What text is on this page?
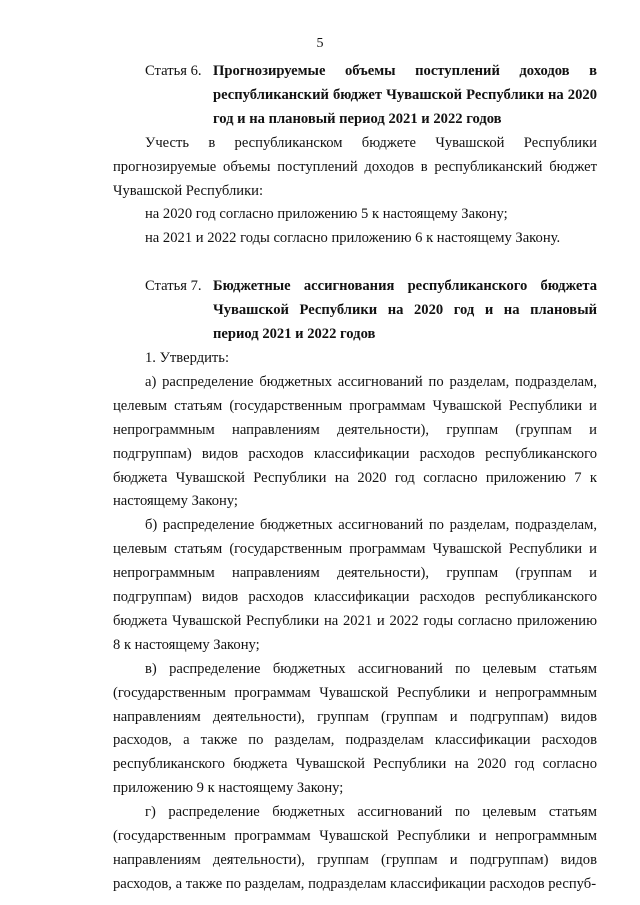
5
Статья 6. Прогнозируемые объемы поступлений доходов в республиканский бюджет Чувашской Республики на 2020 год и на плановый период 2021 и 2022 годов

Учесть в республиканском бюджете Чувашской Республики прогнозируемые объемы поступлений доходов в республиканский бюджет Чувашской Республики:

на 2020 год согласно приложению 5 к настоящему Закону;

на 2021 и 2022 годы согласно приложению 6 к настоящему Закону.

Статья 7. Бюджетные ассигнования республиканского бюджета Чувашской Республики на 2020 год и на плановый период 2021 и 2022 годов

1. Утвердить:

а) распределение бюджетных ассигнований по разделам, подразделам, целевым статьям (государственным программам Чувашской Республики и непрограммным направлениям деятельности), группам (группам и подгруппам) видов расходов классификации расходов республиканского бюджета Чувашской Республики на 2020 год согласно приложению 7 к настоящему Закону;

б) распределение бюджетных ассигнований по разделам, подразделам, целевым статьям (государственным программам Чувашской Республики и непрограммным направлениям деятельности), группам (группам и подгруппам) видов расходов классификации расходов республиканского бюджета Чувашской Республики на 2021 и 2022 годы согласно приложению 8 к настоящему Закону;

в) распределение бюджетных ассигнований по целевым статьям (государственным программам Чувашской Республики и непрограммным направлениям деятельности), группам (группам и подгруппам) видов расходов, а также по разделам, подразделам классификации расходов республиканского бюджета Чувашской Республики на 2020 год согласно приложению 9 к настоящему Закону;

г) распределение бюджетных ассигнований по целевым статьям (государственным программам Чувашской Республики и непрограммным направлениям деятельности), группам (группам и подгруппам) видов расходов, а также по разделам, подразделам классификации расходов респуб-
